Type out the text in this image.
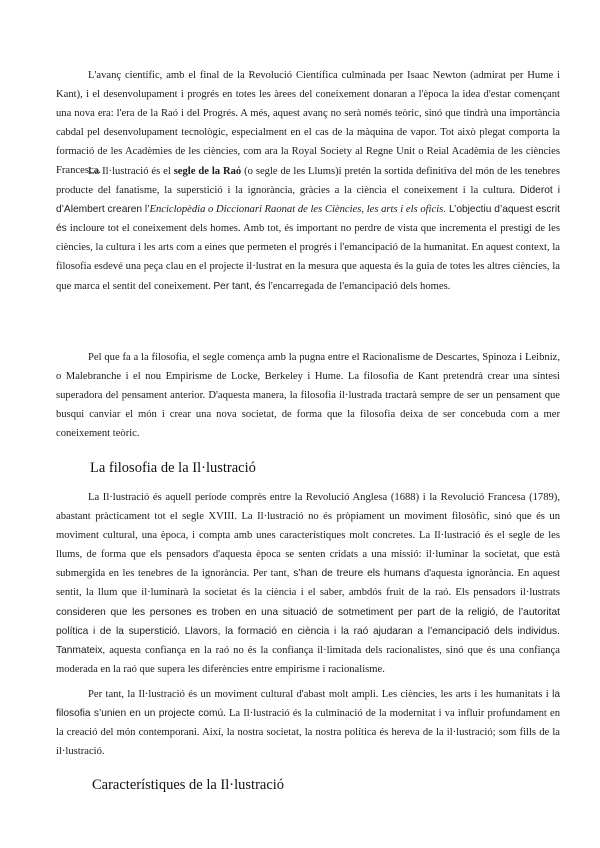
L'avanç científic, amb el final de la Revolució Científica culminada per Isaac Newton (admirat per Hume i Kant), i el desenvolupament i progrés en totes les àrees del coneixement donaran a l'època la idea d'estar començant una nova era: l'era de la Raó i del Progrés. A més, aquest avanç no serà només teòric, sinó que tindrà una importància cabdal pel desenvolupament tecnològic, especialment en el cas de la màquina de vapor. Tot això plegat comporta la formació de les Acadèmies de les ciències, com ara la Royal Society al Regne Unit o Reial Acadèmia de les ciències Francesca.

La Il·lustració és el segle de la Raó (o segle de les Llums)i pretén la sortida definitiva del món de les tenebres producte del fanatisme, la superstició i la ignorància, gràcies a la ciència el coneixement i la cultura. Diderot i d’Alembert crearen l’Enciclopèdia o Diccionari Raonat de les Ciències, les arts i els oficis. L’objectiu d’aquest escrit és incloure tot el coneixement dels homes. Amb tot, és important no perdre de vista que incrementa el prestigi de les ciències, la cultura i les arts com a eines que permeten el progrés i l’emancipació de la humanitat. En aquest context, la filosofia esdevé una peça clau en el projecte il·lustrat en la mesura que aquesta és la guia de totes les altres ciències, la que marca el sentit del coneixement. Per tant, és l’encarregada de l'emancipació dels homes.

Pel que fa a la filosofia, el segle comença amb la pugna entre el Racionalisme de Descartes, Spinoza i Leibniz, o Malebranche i el nou Empirisme de Locke, Berkeley i Hume. La filosofia de Kant pretendrà crear una síntesi superadora del pensament anterior. D'aquesta manera, la filosofia il·lustrada tractarà sempre de ser un pensament que busqui canviar el món i crear una nova societat, de forma que la filosofia deixa de ser concebuda com a mer coneixement teòric.

La filosofia de la Il·lustració

La Il·lustració és aquell període comprès entre la Revolució Anglesa (1688) i la Revolució Francesa (1789), abastant pràcticament tot el segle XVIII. La Il·lustració no és pròpiament un moviment filosòfic, sinó que és un moviment cultural, una època, i compta amb unes característiques molt concretes. La Il·lustració és el segle de les llums, de forma que els pensadors d'aquesta època se senten cridats a una missió: il·luminar la societat, que està submergida en les tenebres de la ignorància. Per tant, s’han de treure els humans d'aquesta ignorància. En aquest sentit, la llum que il·luminarà la societat és la ciència i el saber, ambdós fruit de la raó. Els pensadors il·lustrats consideren que les persones es troben en una situació de sotmetiment per part de la religió, de l’autoritat política i de la superstició. Llavors, la formació en ciència i la raó ajudaran a l’emancipació dels individus. Tanmateix, aquesta confiança en la raó no és la confiança il·limitada dels racionalistes, sinó que és una confiança moderada en la raó que supera les diferències entre empirisme i racionalisme.

Per tant, la Il·lustració és un moviment cultural d'abast molt ampli. Les ciències, les arts i les humanitats i la filosofia s’unien en un projecte comú. La Il·lustració és la culminació de la modernitat i va influir profundament en la creació del món contemporani. Així, la nostra societat, la nostra política és hereva de la il·lustració; som fills de la il·lustració.

Característiques de la Il·lustració
